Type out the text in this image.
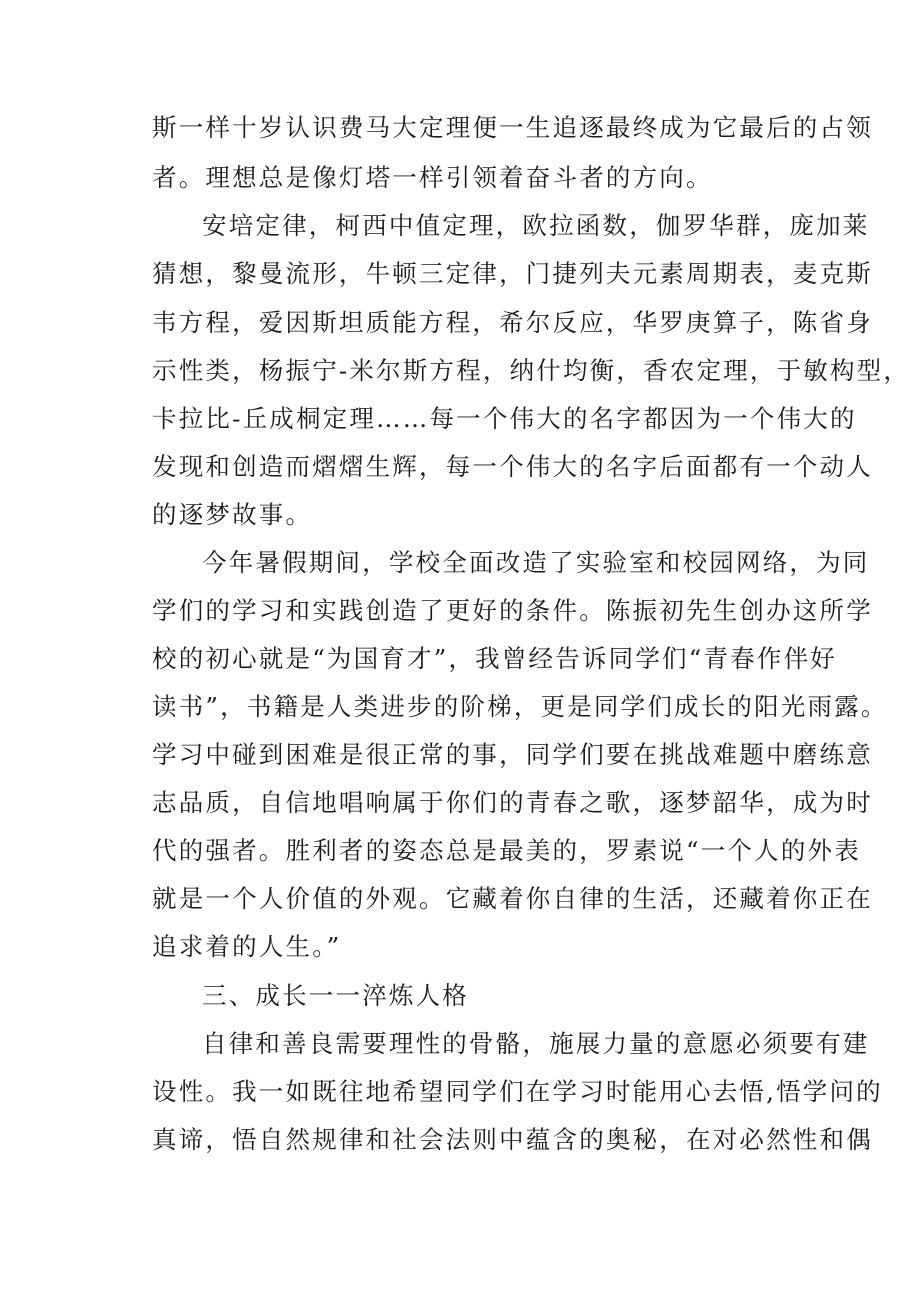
斯一样十岁认识费马大定理便一生追逐最终成为它最后的占领

者。理想总是像灯塔一样引领着奋斗者的方向。

安培定律，柯西中值定理，欧拉函数，伽罗华群，庞加莱

猜想，黎曼流形，牛顿三定律，门捷列夫元素周期表，麦克斯

韦方程，爱因斯坦质能方程，希尔反应，华罗庚算子，陈省身

示性类，杨振宁-米尔斯方程，纳什均衡，香农定理，于敏构型，

卡拉比-丘成桐定理……每一个伟大的名字都因为一个伟大的

发现和创造而熠熠生辉，每一个伟大的名字后面都有一个动人

的逐梦故事。

今年暑假期间，学校全面改造了实验室和校园网络，为同

学们的学习和实践创造了更好的条件。陈振初先生创办这所学

校的初心就是“为国育才”，我曾经告诉同学们“青春作伴好

读书”，书籍是人类进步的阶梯，更是同学们成长的阳光雨露。

学习中碰到困难是很正常的事，同学们要在挑战难题中磨练意

志品质，自信地唱响属于你们的青春之歌，逐梦韶华，成为时

代的强者。胜利者的姿态总是最美的，罗素说“一个人的外表

就是一个人价值的外观。它藏着你自律的生活，还藏着你正在

追求着的人生。”

三、成长一一淬炼人格

自律和善良需要理性的骨骼，施展力量的意愿必须要有建

设性。我一如既往地希望同学们在学习时能用心去悟,悟学问的

真谛，悟自然规律和社会法则中蕴含的奥秘，在对必然性和偶
